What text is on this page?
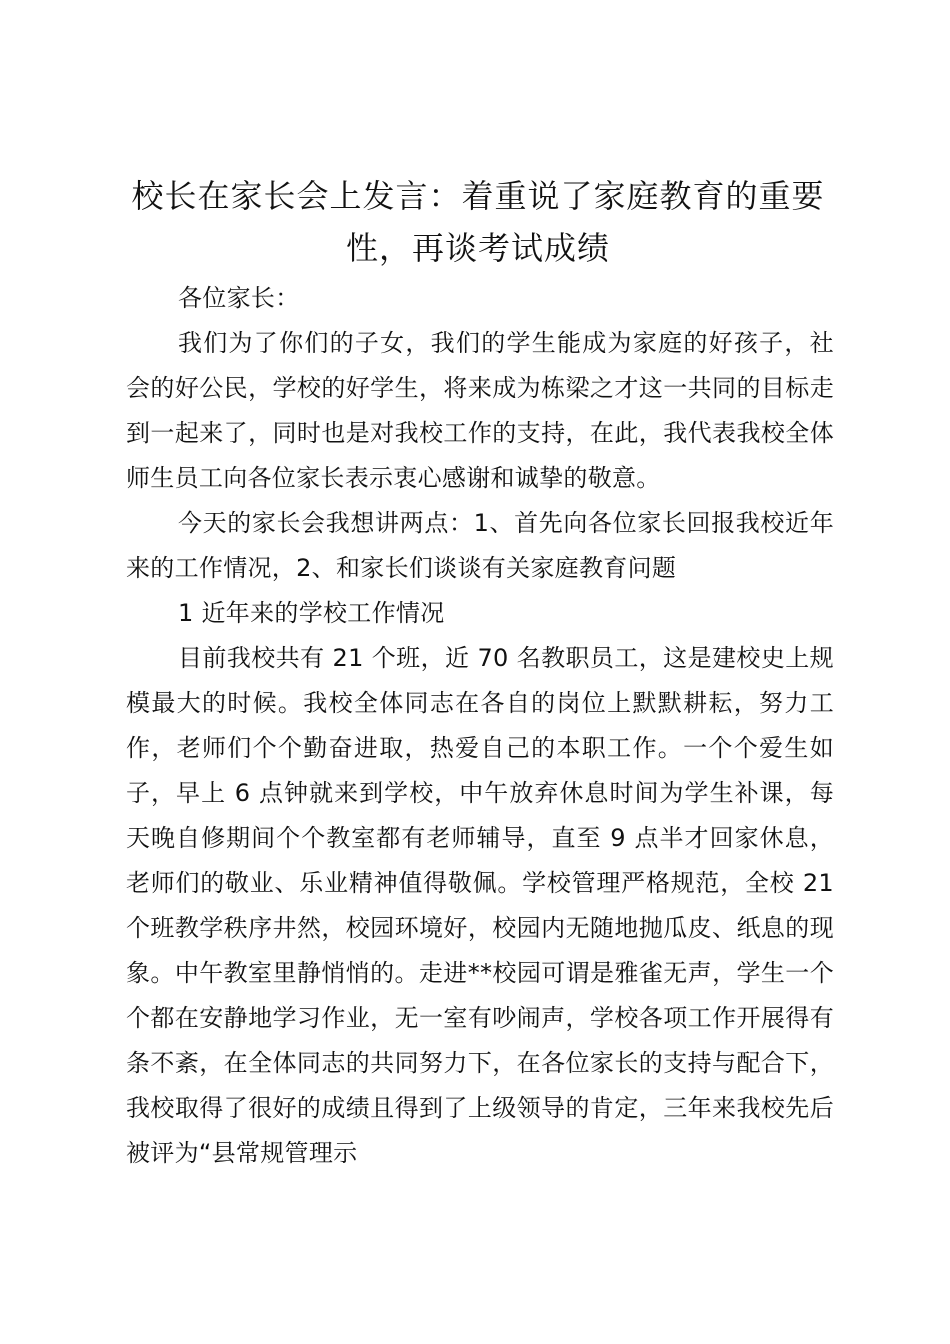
校长在家长会上发言：着重说了家庭教育的重要性，再谈考试成绩

各位家长：

我们为了你们的子女，我们的学生能成为家庭的好孩子，社会的好公民，学校的好学生，将来成为栋梁之才这一共同的目标走到一起来了，同时也是对我校工作的支持，在此，我代表我校全体师生员工向各位家长表示衷心感谢和诚挚的敬意。

今天的家长会我想讲两点：1、首先向各位家长回报我校近年来的工作情况，2、和家长们谈谈有关家庭教育问题

1 近年来的学校工作情况

目前我校共有 21 个班，近 70 名教职员工，这是建校史上规模最大的时候。我校全体同志在各自的岗位上默默耕耘，努力工作，老师们个个勤奋进取，热爱自己的本职工作。一个个爱生如子，早上 6 点钟就来到学校，中午放弃休息时间为学生补课，每天晚自修期间个个教室都有老师辅导，直至 9 点半才回家休息，老师们的敬业、乐业精神值得敬佩。学校管理严格规范，全校 21 个班教学秩序井然，校园环境好，校园内无随地抛瓜皮、纸息的现象。中午教室里静悄悄的。走进**校园可谓是雅雀无声，学生一个个都在安静地学习作业，无一室有吵闹声，学校各项工作开展得有条不紊，在全体同志的共同努力下，在各位家长的支持与配合下，我校取得了很好的成绩且得到了上级领导的肯定，三年来我校先后被评为“县常规管理示
